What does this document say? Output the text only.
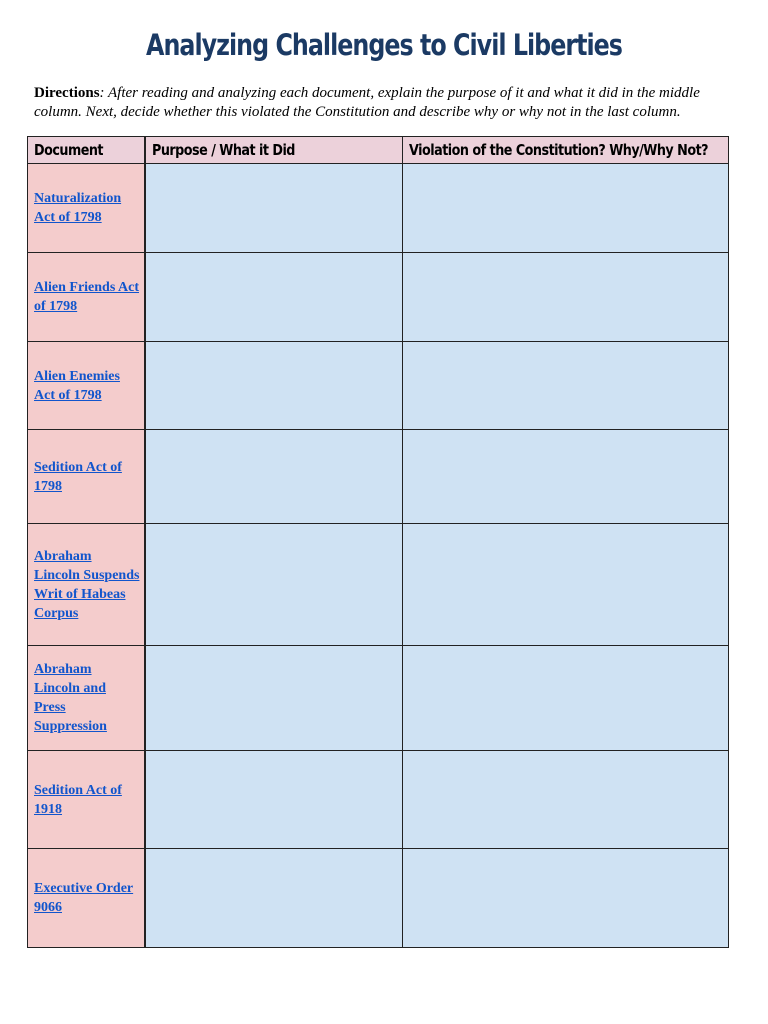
Analyzing Challenges to Civil Liberties

Directions: After reading and analyzing each document, explain the purpose of it and what it did in the middle column. Next, decide whether this violated the Constitution and describe why or why not in the last column.

Document	Purpose / What it Did	Violation of the Constitution? Why/Why Not?
Naturalization Act of 1798		
Alien Friends Act of 1798		
Alien Enemies Act of 1798		
Sedition Act of 1798		
Abraham Lincoln Suspends Writ of Habeas Corpus		
Abraham Lincoln and Press Suppression		
Sedition Act of 1918		
Executive Order 9066		
